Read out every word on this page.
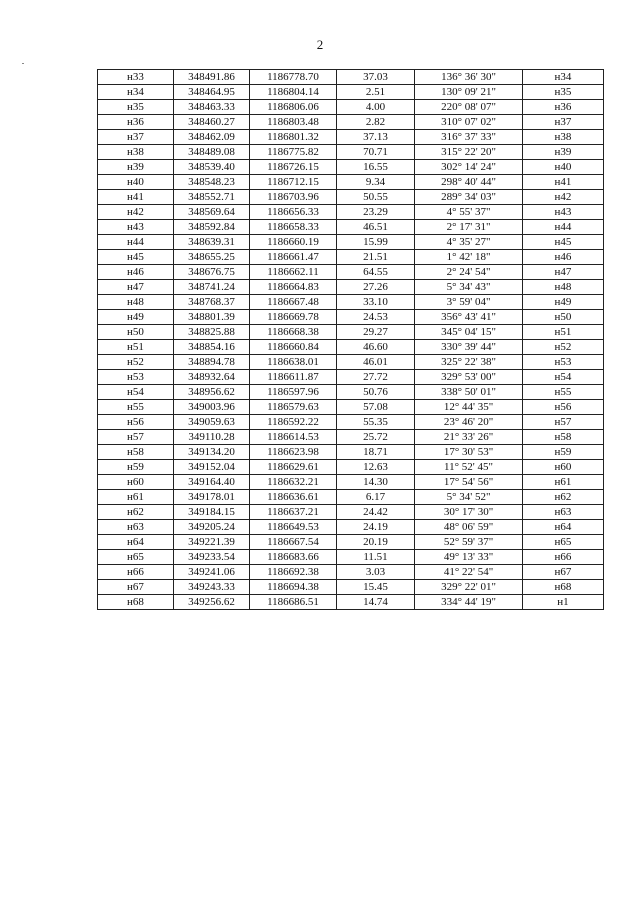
2
н33	348491.86	1186778.70	37.03	136° 36' 30"	н34
н34	348464.95	1186804.14	2.51	130° 09' 21"	н35
н35	348463.33	1186806.06	4.00	220° 08' 07"	н36
н36	348460.27	1186803.48	2.82	310° 07' 02"	н37
н37	348462.09	1186801.32	37.13	316° 37' 33"	н38
н38	348489.08	1186775.82	70.71	315° 22' 20"	н39
н39	348539.40	1186726.15	16.55	302° 14' 24"	н40
н40	348548.23	1186712.15	9.34	298° 40' 44"	н41
н41	348552.71	1186703.96	50.55	289° 34' 03"	н42
н42	348569.64	1186656.33	23.29	4° 55' 37"	н43
н43	348592.84	1186658.33	46.51	2° 17' 31"	н44
н44	348639.31	1186660.19	15.99	4° 35' 27"	н45
н45	348655.25	1186661.47	21.51	1° 42' 18"	н46
н46	348676.75	1186662.11	64.55	2° 24' 54"	н47
н47	348741.24	1186664.83	27.26	5° 34' 43"	н48
н48	348768.37	1186667.48	33.10	3° 59' 04"	н49
н49	348801.39	1186669.78	24.53	356° 43' 41"	н50
н50	348825.88	1186668.38	29.27	345° 04' 15"	н51
н51	348854.16	1186660.84	46.60	330° 39' 44"	н52
н52	348894.78	1186638.01	46.01	325° 22' 38"	н53
н53	348932.64	1186611.87	27.72	329° 53' 00"	н54
н54	348956.62	1186597.96	50.76	338° 50' 01"	н55
н55	349003.96	1186579.63	57.08	12° 44' 35"	н56
н56	349059.63	1186592.22	55.35	23° 46' 20"	н57
н57	349110.28	1186614.53	25.72	21° 33' 26"	н58
н58	349134.20	1186623.98	18.71	17° 30' 53"	н59
н59	349152.04	1186629.61	12.63	11° 52' 45"	н60
н60	349164.40	1186632.21	14.30	17° 54' 56"	н61
н61	349178.01	1186636.61	6.17	5° 34' 52"	н62
н62	349184.15	1186637.21	24.42	30° 17' 30"	н63
н63	349205.24	1186649.53	24.19	48° 06' 59"	н64
н64	349221.39	1186667.54	20.19	52° 59' 37"	н65
н65	349233.54	1186683.66	11.51	49° 13' 33"	н66
н66	349241.06	1186692.38	3.03	41° 22' 54"	н67
н67	349243.33	1186694.38	15.45	329° 22' 01"	н68
н68	349256.62	1186686.51	14.74	334° 44' 19"	н1
